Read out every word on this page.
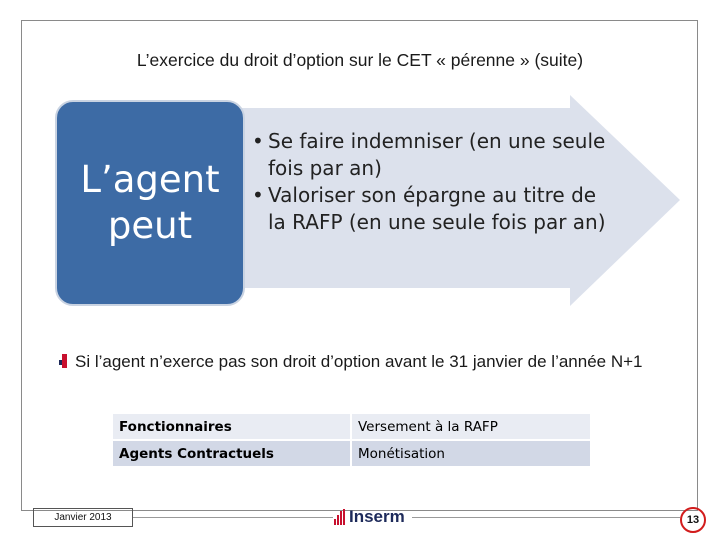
L’exercice du droit d’option sur le CET « pérenne » (suite)
L’agent peut
• Se faire indemniser (en une seule fois par an)
• Valoriser son épargne au titre de la RAFP (en une seule fois par an)
Si l’agent n’exerce pas son droit d’option avant le 31 janvier de l’année N+1
Fonctionnaires	Versement à la RAFP
Agents Contractuels	Monétisation
Janvier 2013	Inserm	13
